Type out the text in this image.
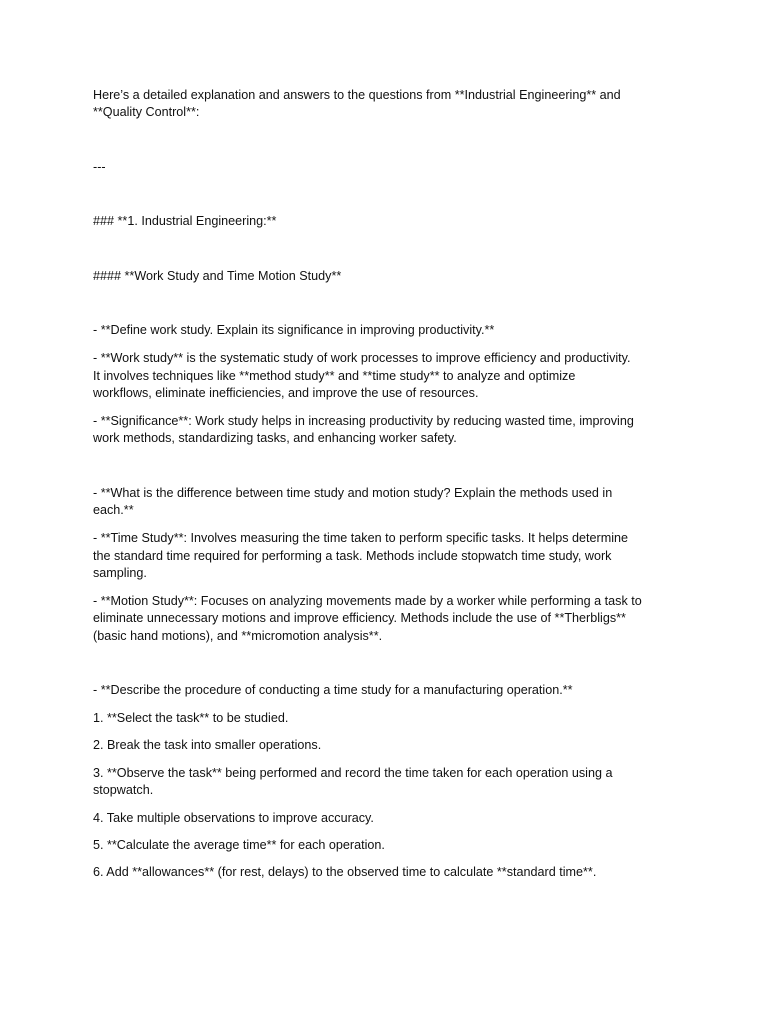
Here’s a detailed explanation and answers to the questions from **Industrial Engineering** and

**Quality Control**:

---

### **1. Industrial Engineering:**

#### **Work Study and Time Motion Study**

- **Define work study. Explain its significance in improving productivity.**

- **Work study** is the systematic study of work processes to improve efficiency and productivity.

It involves techniques like **method study** and **time study** to analyze and optimize

workflows, eliminate inefficiencies, and improve the use of resources.

- **Significance**: Work study helps in increasing productivity by reducing wasted time, improving

work methods, standardizing tasks, and enhancing worker safety.

- **What is the difference between time study and motion study? Explain the methods used in

each.**

- **Time Study**: Involves measuring the time taken to perform specific tasks. It helps determine

the standard time required for performing a task. Methods include stopwatch time study, work

sampling.

- **Motion Study**: Focuses on analyzing movements made by a worker while performing a task to

eliminate unnecessary motions and improve efficiency. Methods include the use of **Therbligs**

(basic hand motions), and **micromotion analysis**.

- **Describe the procedure of conducting a time study for a manufacturing operation.**

1. **Select the task** to be studied.

2. Break the task into smaller operations.

3. **Observe the task** being performed and record the time taken for each operation using a

stopwatch.

4. Take multiple observations to improve accuracy.

5. **Calculate the average time** for each operation.

6. Add **allowances** (for rest, delays) to the observed time to calculate **standard time**.
